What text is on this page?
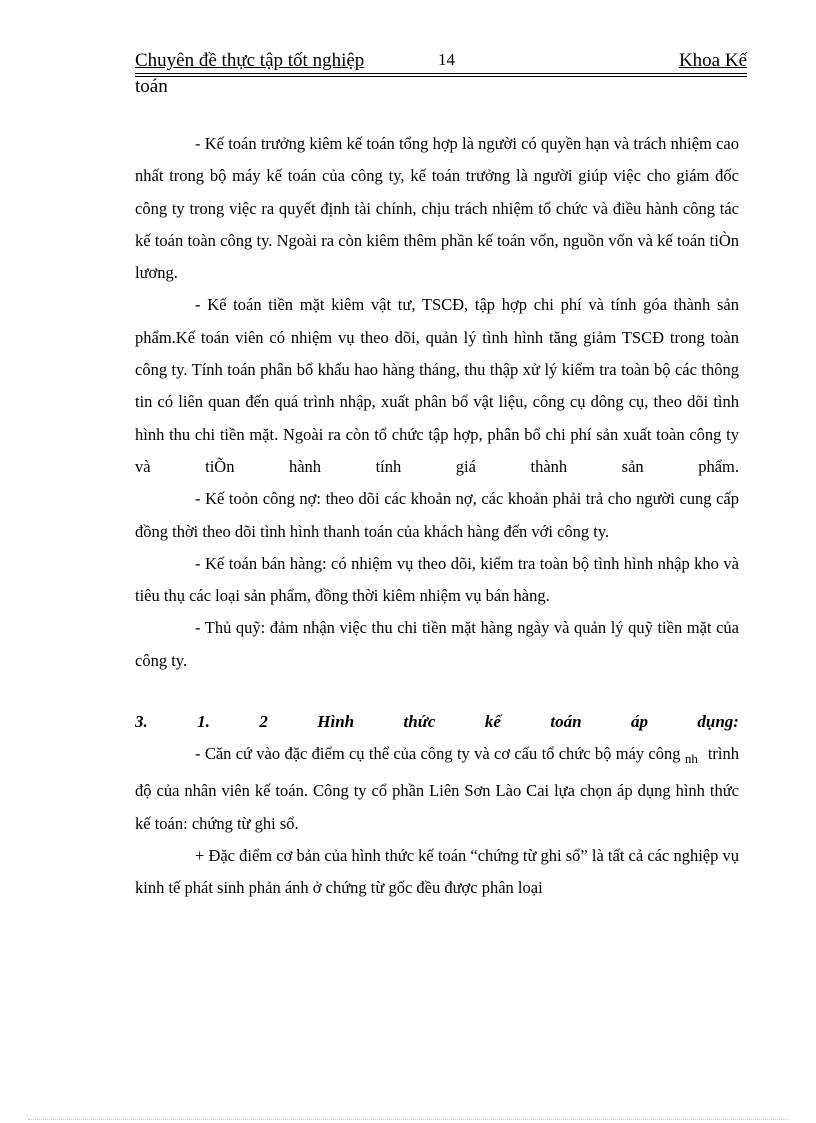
Chuyên đề thực tập tốt nghiệp	14	Khoa Kế
toán

- Kế toán trưởng kiêm kế toán tổng hợp là người có quyền hạn và trách nhiệm cao nhất trong bộ máy kế toán của công ty, kế toán trưởng là người giúp việc cho giám đốc công ty trong việc ra quyết định tài chính, chịu trách nhiệm tổ chức và điều hành công tác kế toán toàn công ty. Ngoài ra còn kiêm thêm phần kế toán vốn, nguồn vốn và kế toán tiÒn lương.

- Kế toán tiền mặt kiêm vật tư, TSCĐ, tập hợp chi phí và tính góa thành sản phẩm.Kế toán viên có nhiệm vụ theo dõi, quản lý tình hình tăng giảm TSCĐ trong toàn công ty. Tính toán phân bổ khấu hao hàng tháng, thu thập xử lý kiểm tra toàn bộ các thông tin có liên quan đến quá trình nhập, xuất phân bổ vật liệu, công cụ dông cụ, theo dõi tình hình thu chi tiền mặt. Ngoài ra còn tổ chức tập hợp, phân bổ chi phí sản xuất toàn công ty và tiÕn hành tính giá thành sản phẩm.

- Kế toỏn công nợ: theo dõi các khoản nợ, các khoản phải trả cho người cung cấp đồng thời theo dõi tình hình thanh toán của khách hàng đến với công ty.

- Kế toán bán hàng: có nhiệm vụ theo dõi, kiểm tra toàn bộ tình hình nhập kho và tiêu thụ các loại sản phẩm, đồng thời kiêm nhiệm vụ bán hàng.

- Thủ quỹ: đảm nhận việc thu chi tiền mặt hàng ngày và quản lý quỹ tiền mặt của công ty.

3.	1.	2	Hình	thức	kế	toán	áp	dụng:

- Căn cứ vào đặc điểm cụ thể của công ty và cơ cấu tổ chức bộ máy công $_{nh}$ trình độ của nhân viên kế toán. Công ty cổ phần Liên Sơn Lào Cai lựa chọn áp dụng hình thức kế toán: chứng từ ghi sổ.

+ Đặc điểm cơ bản của hình thức kế toán “chứng từ ghi sổ” là tất cả các nghiệp vụ kinh tế phát sinh phản ánh ở chứng từ gốc đều được phân loại
